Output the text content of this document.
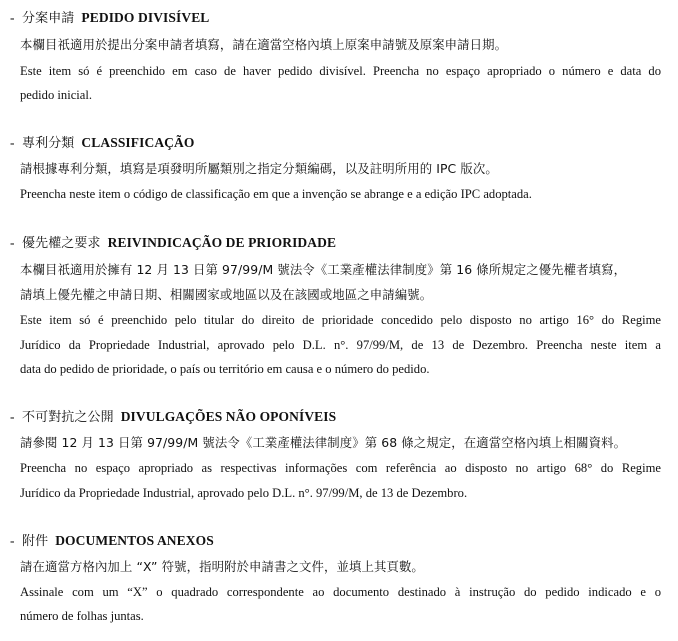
- 分案申請 PEDIDO DIVISÍVEL
本欄目祇適用於提出分案申請者填寫，請在適當空格內填上原案申請號及原案申請日期。
Este item só é preenchido em caso de haver pedido divisível. Preencha no espaço apropriado o número e data do
pedido inicial.
- 專利分類 CLASSIFICAÇÃO
請根據專利分類，填寫是項發明所屬類別之指定分類編碼，以及註明所用的 IPC 版次。
Preencha neste item o código de classificação em que a invenção se abrange e a edição IPC adoptada.
- 優先權之要求 REIVINDICAÇÃO DE PRIORIDADE
本欄目祇適用於擁有 12 月 13 日第 97/99/M 號法令《工業產權法律制度》第 16 條所規定之優先權者填寫，
請填上優先權之申請日期、相關國家或地區以及在該國或地區之申請編號。
Este item só é preenchido pelo titular do direito de prioridade concedido pelo disposto no artigo 16° do Regime
Jurídico da Propriedade Industrial, aprovado pelo D.L. n°. 97/99/M, de 13 de Dezembro. Preencha neste item a
data do pedido de prioridade, o país ou território em causa e o número do pedido.
- 不可對抗之公開 DIVULGAÇÕES NÃO OPONÍVEIS
請參閱 12 月 13 日第 97/99/M 號法令《工業產權法律制度》第 68 條之規定，在適當空格內填上相關資料。
Preencha no espaço apropriado as respectivas informações com referência ao disposto no artigo 68° do Regime
Jurídico da Propriedade Industrial, aprovado pelo D.L. n°. 97/99/M, de 13 de Dezembro.
- 附件 DOCUMENTOS ANEXOS
請在適當方格內加上 “X” 符號，指明附於申請書之文件，並填上其頁數。
Assinale com um “X” o quadrado correspondente ao documento destinado à instrução do pedido indicado e o
número de folhas juntas.
